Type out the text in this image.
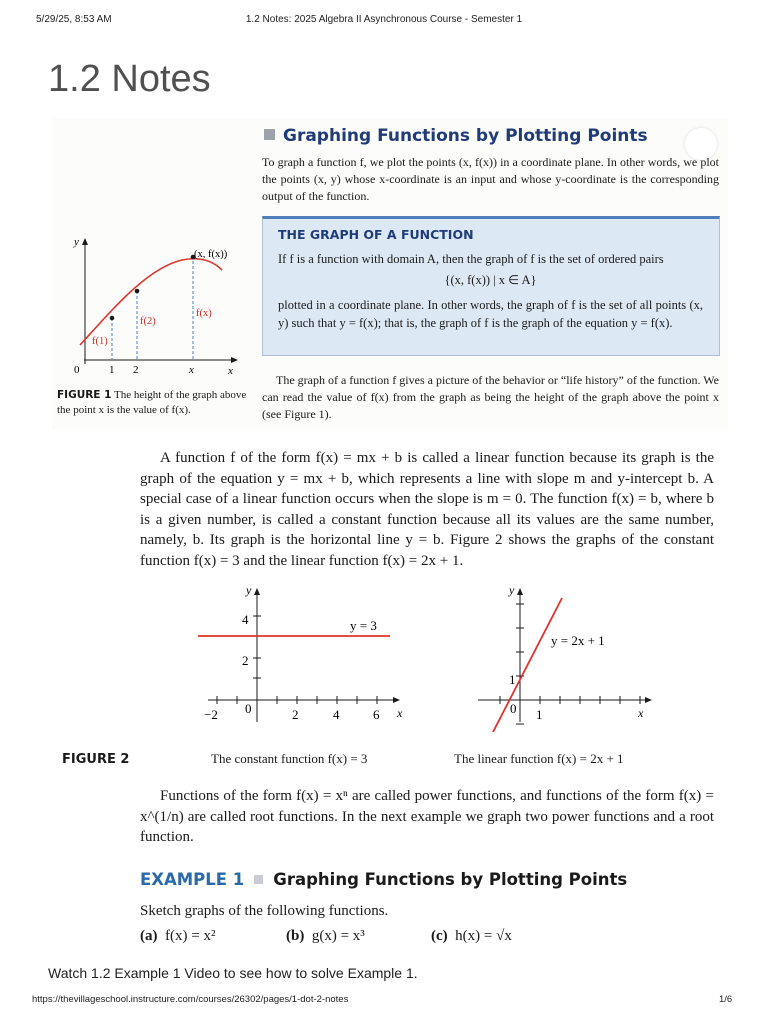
5/29/25, 8:53 AM	1.2 Notes: 2025 Algebra II Asynchronous Course - Semester 1
1.2 Notes
Graphing Functions by Plotting Points

To graph a function f, we plot the points (x, f(x)) in a coordinate plane. In other words, we plot the points (x, y) whose x-coordinate is an input and whose y-coordinate is the corresponding output of the function.

THE GRAPH OF A FUNCTION

If f is a function with domain A, then the graph of f is the set of ordered pairs

{(x, f(x)) | x ∈ A}

plotted in a coordinate plane. In other words, the graph of f is the set of all points (x, y) such that y = f(x); that is, the graph of f is the graph of the equation y = f(x).

The graph of a function f gives a picture of the behavior or “life history” of the function. We can read the value of f(x) from the graph as being the height of the graph above the point x (see Figure 1).

y
x
(x, f(x))
f(1)
f(2)
f(x)
0	1 2	x

FIGURE 1 The height of the graph above the point x is the value of f(x).

A function f of the form f(x) = mx + b is called a linear function because its graph is the graph of the equation y = mx + b, which represents a line with slope m and y-intercept b. A special case of a linear function occurs when the slope is m = 0. The function f(x) = b, where b is a given number, is called a constant function because all its values are the same number, namely, b. Its graph is the horizontal line y = b. Figure 2 shows the graphs of the constant function f(x) = 3 and the linear function f(x) = 2x + 1.

y
x
4
2
−2 0	2	4	6
y = 3
y
x
1
0 1
y = 2x + 1
FIGURE 2	The constant function f(x) = 3	The linear function f(x) = 2x + 1

Functions of the form f(x) = xⁿ are called power functions, and functions of the form f(x) = x^(1/n) are called root functions. In the next example we graph two power functions and a root function.

EXAMPLE 1 Graphing Functions by Plotting Points
Sketch graphs of the following functions.
(a) f(x) = x²	(b) g(x) = x³	(c) h(x) = √x
Watch 1.2 Example 1 Video to see how to solve Example 1.
https://thevillageschool.instructure.com/courses/26302/pages/1-dot-2-notes	1/6
